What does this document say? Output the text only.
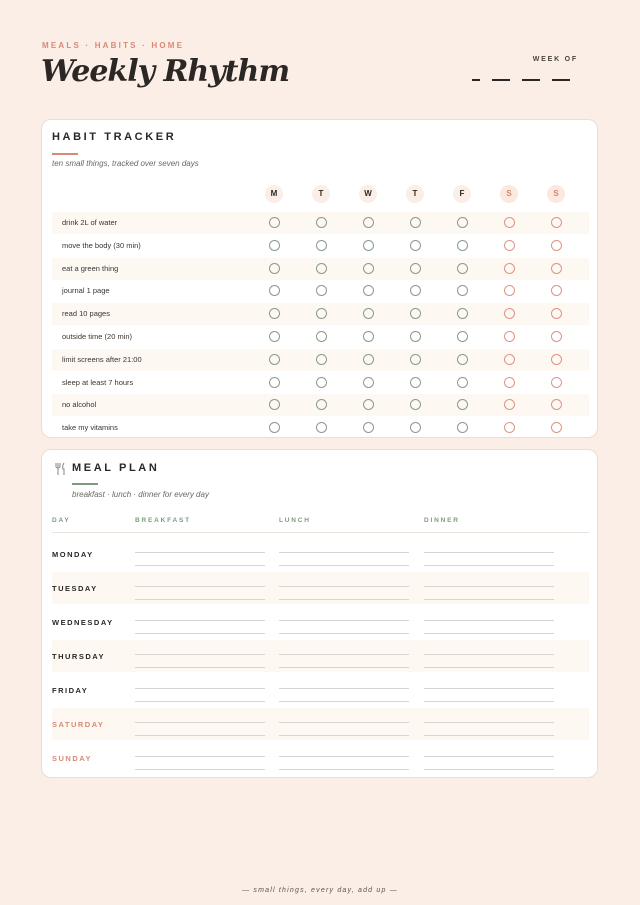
MEALS · HABITS · HOME
Weekly Rhythm	WEEK OF
HABIT TRACKER
ten small things, tracked over seven days
M	T	W	T	F	S	S
drink 2L of water
move the body (30 min)
eat a green thing
journal 1 page
read 10 pages
outside time (20 min)
limit screens after 21:00
sleep at least 7 hours
no alcohol
take my vitamins
MEAL PLAN
breakfast · lunch · dinner for every day
DAY	BREAKFAST	LUNCH	DINNER
MONDAY
TUESDAY
WEDNESDAY
THURSDAY
FRIDAY
SATURDAY
SUNDAY
— small things, every day, add up —
